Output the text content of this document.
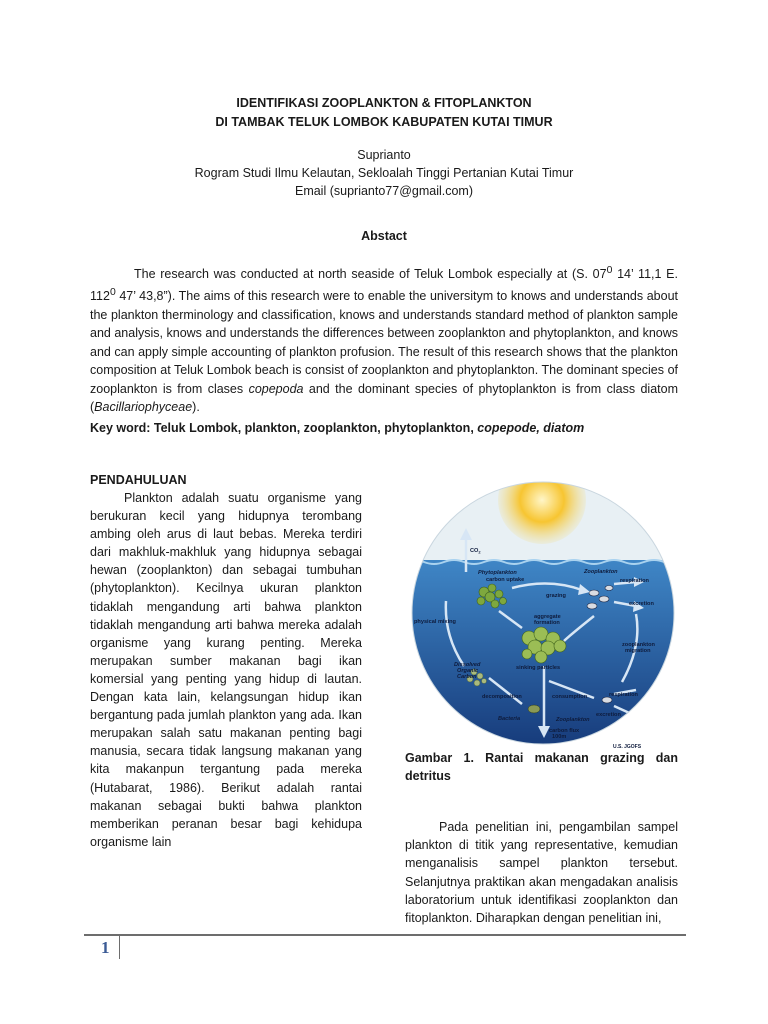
IDENTIFIKASI ZOOPLANKTON & FITOPLANKTON
DI TAMBAK TELUK LOMBOK KABUPATEN KUTAI TIMUR
Suprianto
Rogram Studi Ilmu Kelautan, Sekloalah Tinggi Pertanian Kutai Timur
Email (suprianto77@gmail.com)
Abstact
The research was conducted at north seaside of Teluk Lombok especially at (S. $07^0$ 14’ 11,1 E. $112^0$ 47’ 43,8”). The aims of this research were to enable the universitym to knows and understands about the plankton therminology and classification, knows and understands standard method of plankton sample and analysis, knows and understands the differences between zooplankton and phytoplankton, and knows and can apply simple accounting of plankton profusion. The result of this research shows that the plankton composition at Teluk Lombok beach is consist of zooplankton and phytoplankton. The dominant species of zooplankton is from clases copepoda and the dominant species of phytoplankton is from class diatom (Bacillariophyceae).
Key word: Teluk Lombok, plankton, zooplankton, phytoplankton, copepode, diatom
PENDAHULUAN
Plankton adalah suatu organisme yang berukuran kecil yang hidupnya terombang ambing oleh arus di laut bebas. Mereka terdiri dari makhluk-makhluk yang hidupnya sebagai hewan (zooplankton) dan sebagai tumbuhan (phytoplankton). Kecilnya ukuran plankton tidaklah mengandung arti bahwa plankton tidaklah mengandung arti bahwa mereka adalah organisme yang kurang penting. Mereka merupakan sumber makanan bagi ikan komersial yang penting yang hidup di lautan. Dengan kata lain, kelangsungan hidup ikan bergantung pada jumlah plankton yang ada. Ikan merupakan salah satu makanan penting bagi manusia, secara tidak langsung makanan yang kita makanpun tergantung pada mereka (Hutabarat, 1986). Berikut adalah rantai makanan sebagai bukti bahwa plankton memberikan peranan besar bagi kehidupa organisme lain
$CO_2$
Phytoplankton
carbon uptake
Zooplankton
respiration
grazing
excretion
aggregate
formation
physical mixing
zooplankton
migration
Dissolved
Organic
Carbon
sinking particles
decomposition	consumption	respiration
excretion
Bacteria	Zooplankton
carbon flux
100m
U.S. JGOFS
Gambar 1. Rantai makanan grazing dan detritus
Pada penelitian ini, pengambilan sampel plankton di titik yang representative, kemudian menganalisis sampel plankton tersebut. Selanjutnya praktikan akan mengadakan analisis laboratorium untuk identifikasi zooplankton dan fitoplankton. Diharapkan dengan penelitian ini,
1
